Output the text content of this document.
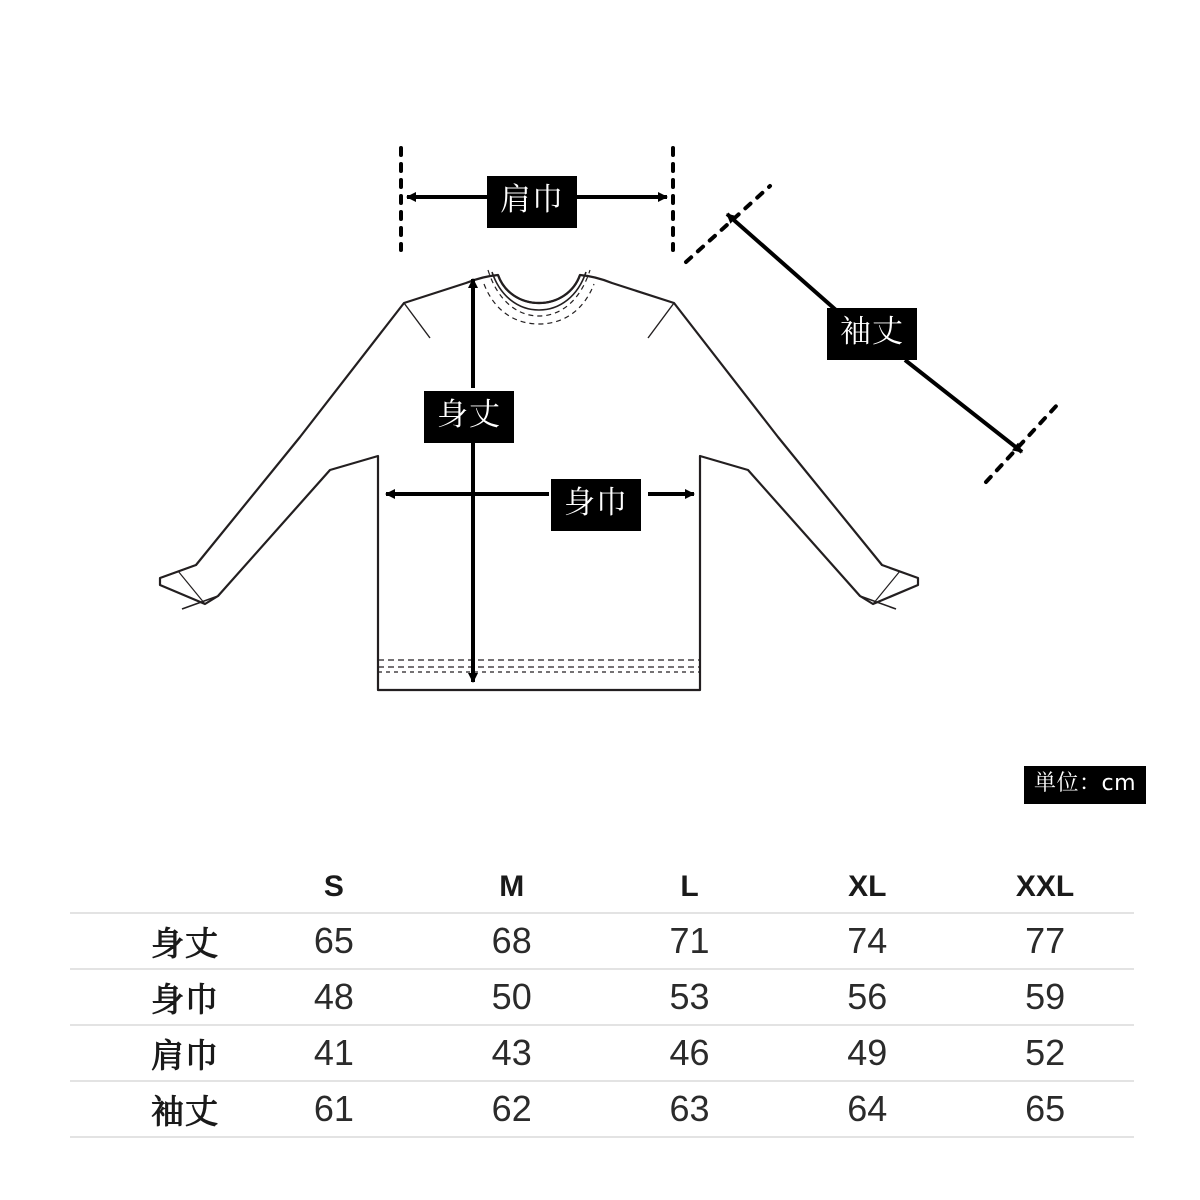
肩巾
袖丈
身丈
身巾
単位：cm
	S	M	L	XL	XXL
身丈	65	68	71	74	77
身巾	48	50	53	56	59
肩巾	41	43	46	49	52
袖丈	61	62	63	64	65
